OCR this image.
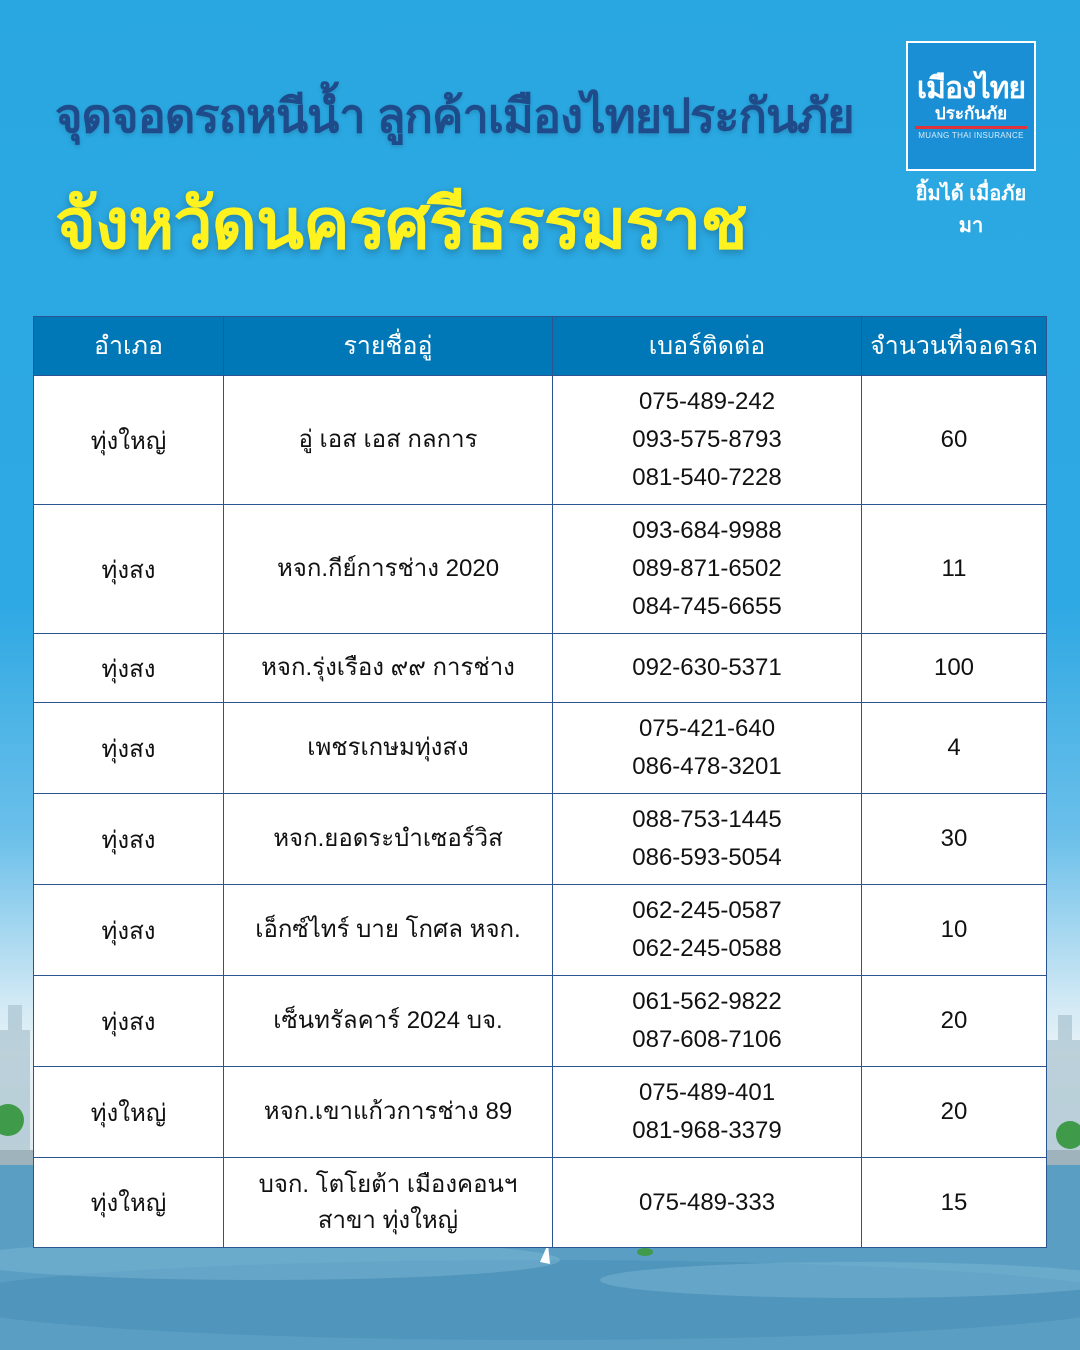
จุดจอดรถหนีน้ำ ลูกค้าเมืองไทยประกันภัย
จังหวัดนครศรีธรรมราช
เมืองไทย
ประกันภัย
MUANG THAI INSURANCE
ยิ้มได้ เมื่อภัยมา
อำเภอ	รายชื่ออู่	เบอร์ติดต่อ	จำนวนที่จอดรถ
ทุ่งใหญ่	อู่ เอส เอส กลการ	075-489-242
093-575-8793
081-540-7228	60
ทุ่งสง	หจก.กีย์การช่าง 2020	093-684-9988
089-871-6502
084-745-6655	11
ทุ่งสง	หจก.รุ่งเรือง ๙๙ การช่าง	092-630-5371	100
ทุ่งสง	เพชรเกษมทุ่งสง	075-421-640
086-478-3201	4
ทุ่งสง	หจก.ยอดระบำเซอร์วิส	088-753-1445
086-593-5054	30
ทุ่งสง	เอ็กซ์ไทร์ บาย โกศล หจก.	062-245-0587
062-245-0588	10
ทุ่งสง	เซ็นทรัลคาร์ 2024 บจ.	061-562-9822
087-608-7106	20
ทุ่งใหญ่	หจก.เขาแก้วการช่าง 89	075-489-401
081-968-3379	20
ทุ่งใหญ่	บจก. โตโยต้า เมืองคอนฯ สาขา ทุ่งใหญ่	075-489-333	15
